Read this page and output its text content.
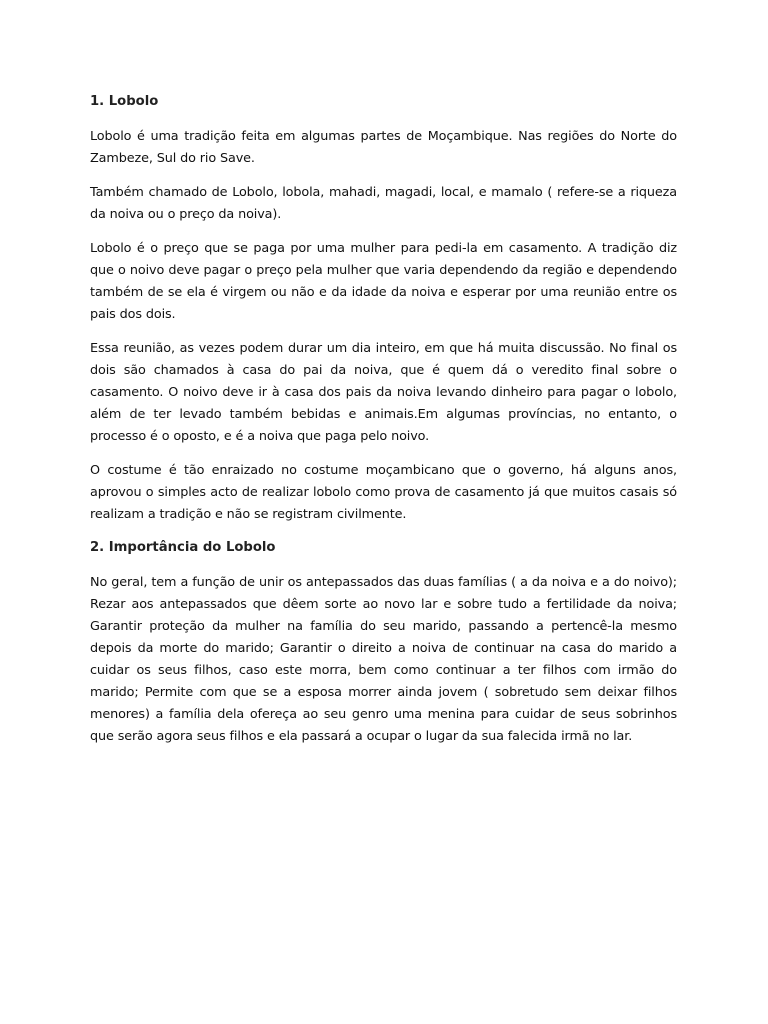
1. Lobolo

Lobolo é uma tradição feita em algumas partes de Moçambique. Nas regiões do Norte do Zambeze, Sul do rio Save.

Também chamado de Lobolo, lobola, mahadi, magadi, local, e mamalo ( refere-se a riqueza da noiva ou o preço da noiva).

Lobolo é o preço que se paga por uma mulher para pedi-la em casamento. A tradição diz que o noivo deve pagar o preço pela mulher que varia dependendo da região e dependendo também de se ela é virgem ou não e da idade da noiva e esperar por uma reunião entre os pais dos dois.

Essa reunião, as vezes podem durar um dia inteiro, em que há muita discussão. No final os dois são chamados à casa do pai da noiva, que é quem dá o veredito final sobre o casamento. O noivo deve ir à casa dos pais da noiva levando dinheiro para pagar o lobolo, além de ter levado também bebidas e animais.Em algumas províncias, no entanto, o processo é o oposto, e é a noiva que paga pelo noivo.

O costume é tão enraizado no costume moçambicano que o governo, há alguns anos, aprovou o simples acto de realizar lobolo como prova de casamento já que muitos casais só realizam a tradição e não se registram civilmente.

2. Importância do Lobolo

No geral, tem a função de unir os antepassados das duas famílias ( a da noiva e a do noivo); Rezar aos antepassados que dêem sorte ao novo lar e sobre tudo a fertilidade da noiva; Garantir proteção da mulher na família do seu marido, passando a pertencê-la mesmo depois da morte do marido; Garantir o direito a noiva de continuar na casa do marido a cuidar os seus filhos, caso este morra, bem como continuar a ter filhos com irmão do marido; Permite com que se a esposa morrer ainda jovem ( sobretudo sem deixar filhos menores) a família dela ofereça ao seu genro uma menina para cuidar de seus sobrinhos que serão agora seus filhos e ela passará a ocupar o lugar da sua falecida irmã no lar.
